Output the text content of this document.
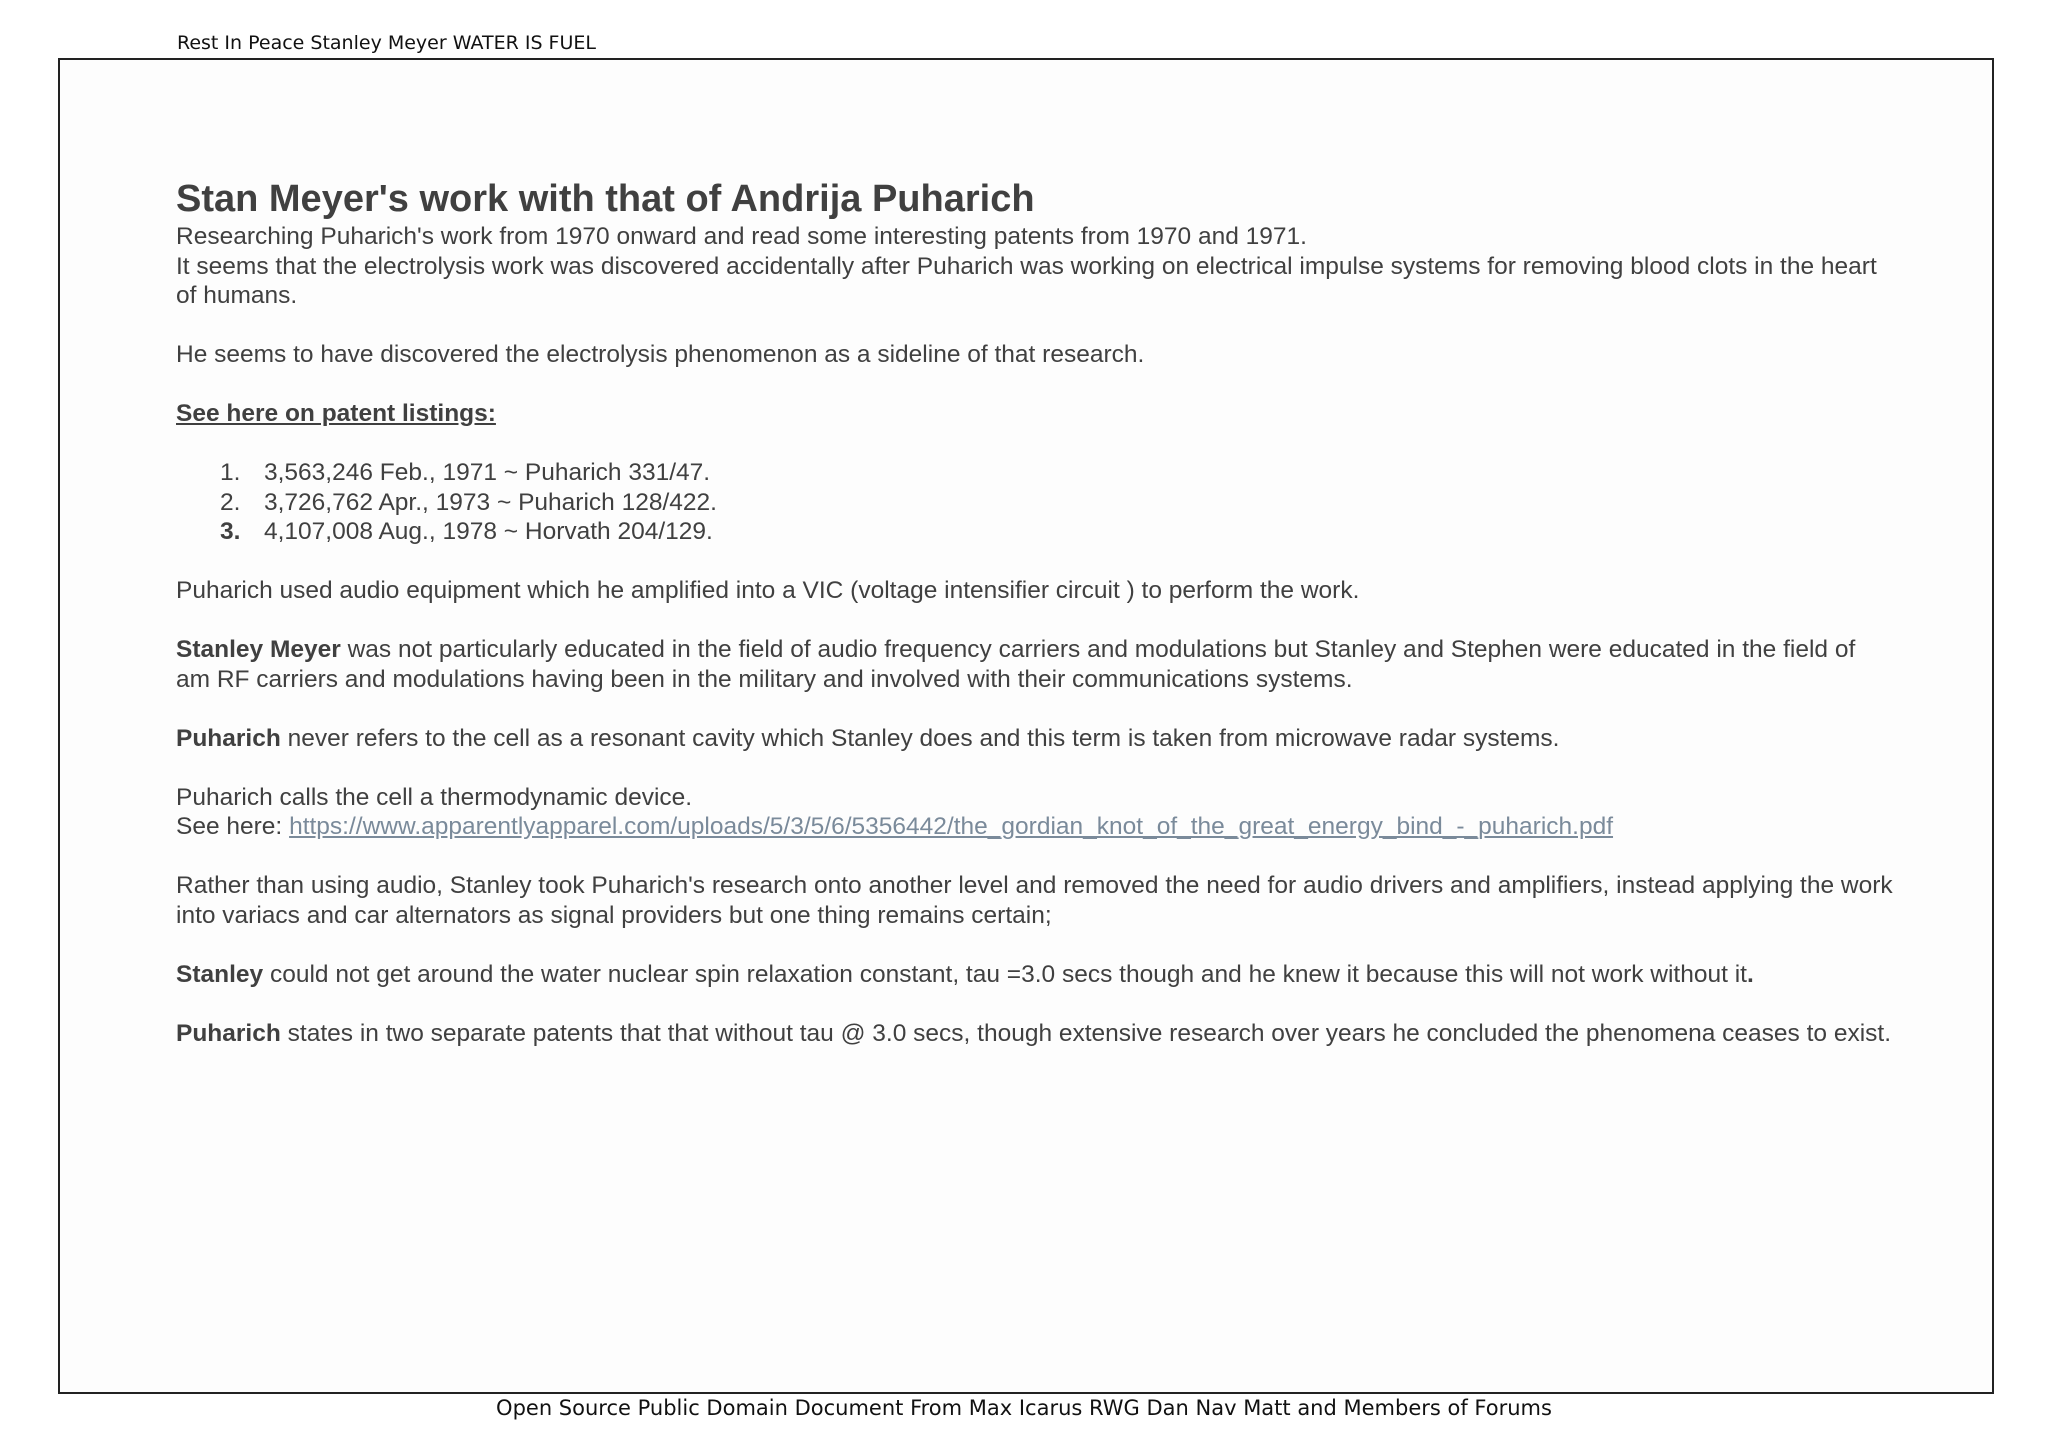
Rest In Peace Stanley Meyer WATER IS FUEL
Stan Meyer's work with that of Andrija Puharich

Researching Puharich's work from 1970 onward and read some interesting patents from 1970 and 1971.

It seems that the electrolysis work was discovered accidentally after Puharich was working on electrical impulse systems for removing blood clots in the heart of humans.

He seems to have discovered the electrolysis phenomenon as a sideline of that research.

See here on patent listings:

1. 3,563,246 Feb., 1971 ~ Puharich 331/47.
2. 3,726,762 Apr., 1973 ~ Puharich 128/422.
3. 4,107,008 Aug., 1978 ~ Horvath 204/129.

Puharich used audio equipment which he amplified into a VIC (voltage intensifier circuit ) to perform the work.

Stanley Meyer was not particularly educated in the field of audio frequency carriers and modulations but Stanley and Stephen were educated in the field of am RF carriers and modulations having been in the military and involved with their communications systems.

Puharich never refers to the cell as a resonant cavity which Stanley does and this term is taken from microwave radar systems.

Puharich calls the cell a thermodynamic device.

See here: https://www.apparentlyapparel.com/uploads/5/3/5/6/5356442/the_gordian_knot_of_the_great_energy_bind_-_puharich.pdf

Rather than using audio, Stanley took Puharich's research onto another level and removed the need for audio drivers and amplifiers, instead applying the work into variacs and car alternators as signal providers but one thing remains certain;

Stanley could not get around the water nuclear spin relaxation constant, tau =3.0 secs though and he knew it because this will not work without it.

Puharich states in two separate patents that that without tau @ 3.0 secs, though extensive research over years he concluded the phenomena ceases to exist.

Open Source Public Domain Document From Max Icarus RWG Dan Nav Matt and Members of Forums
